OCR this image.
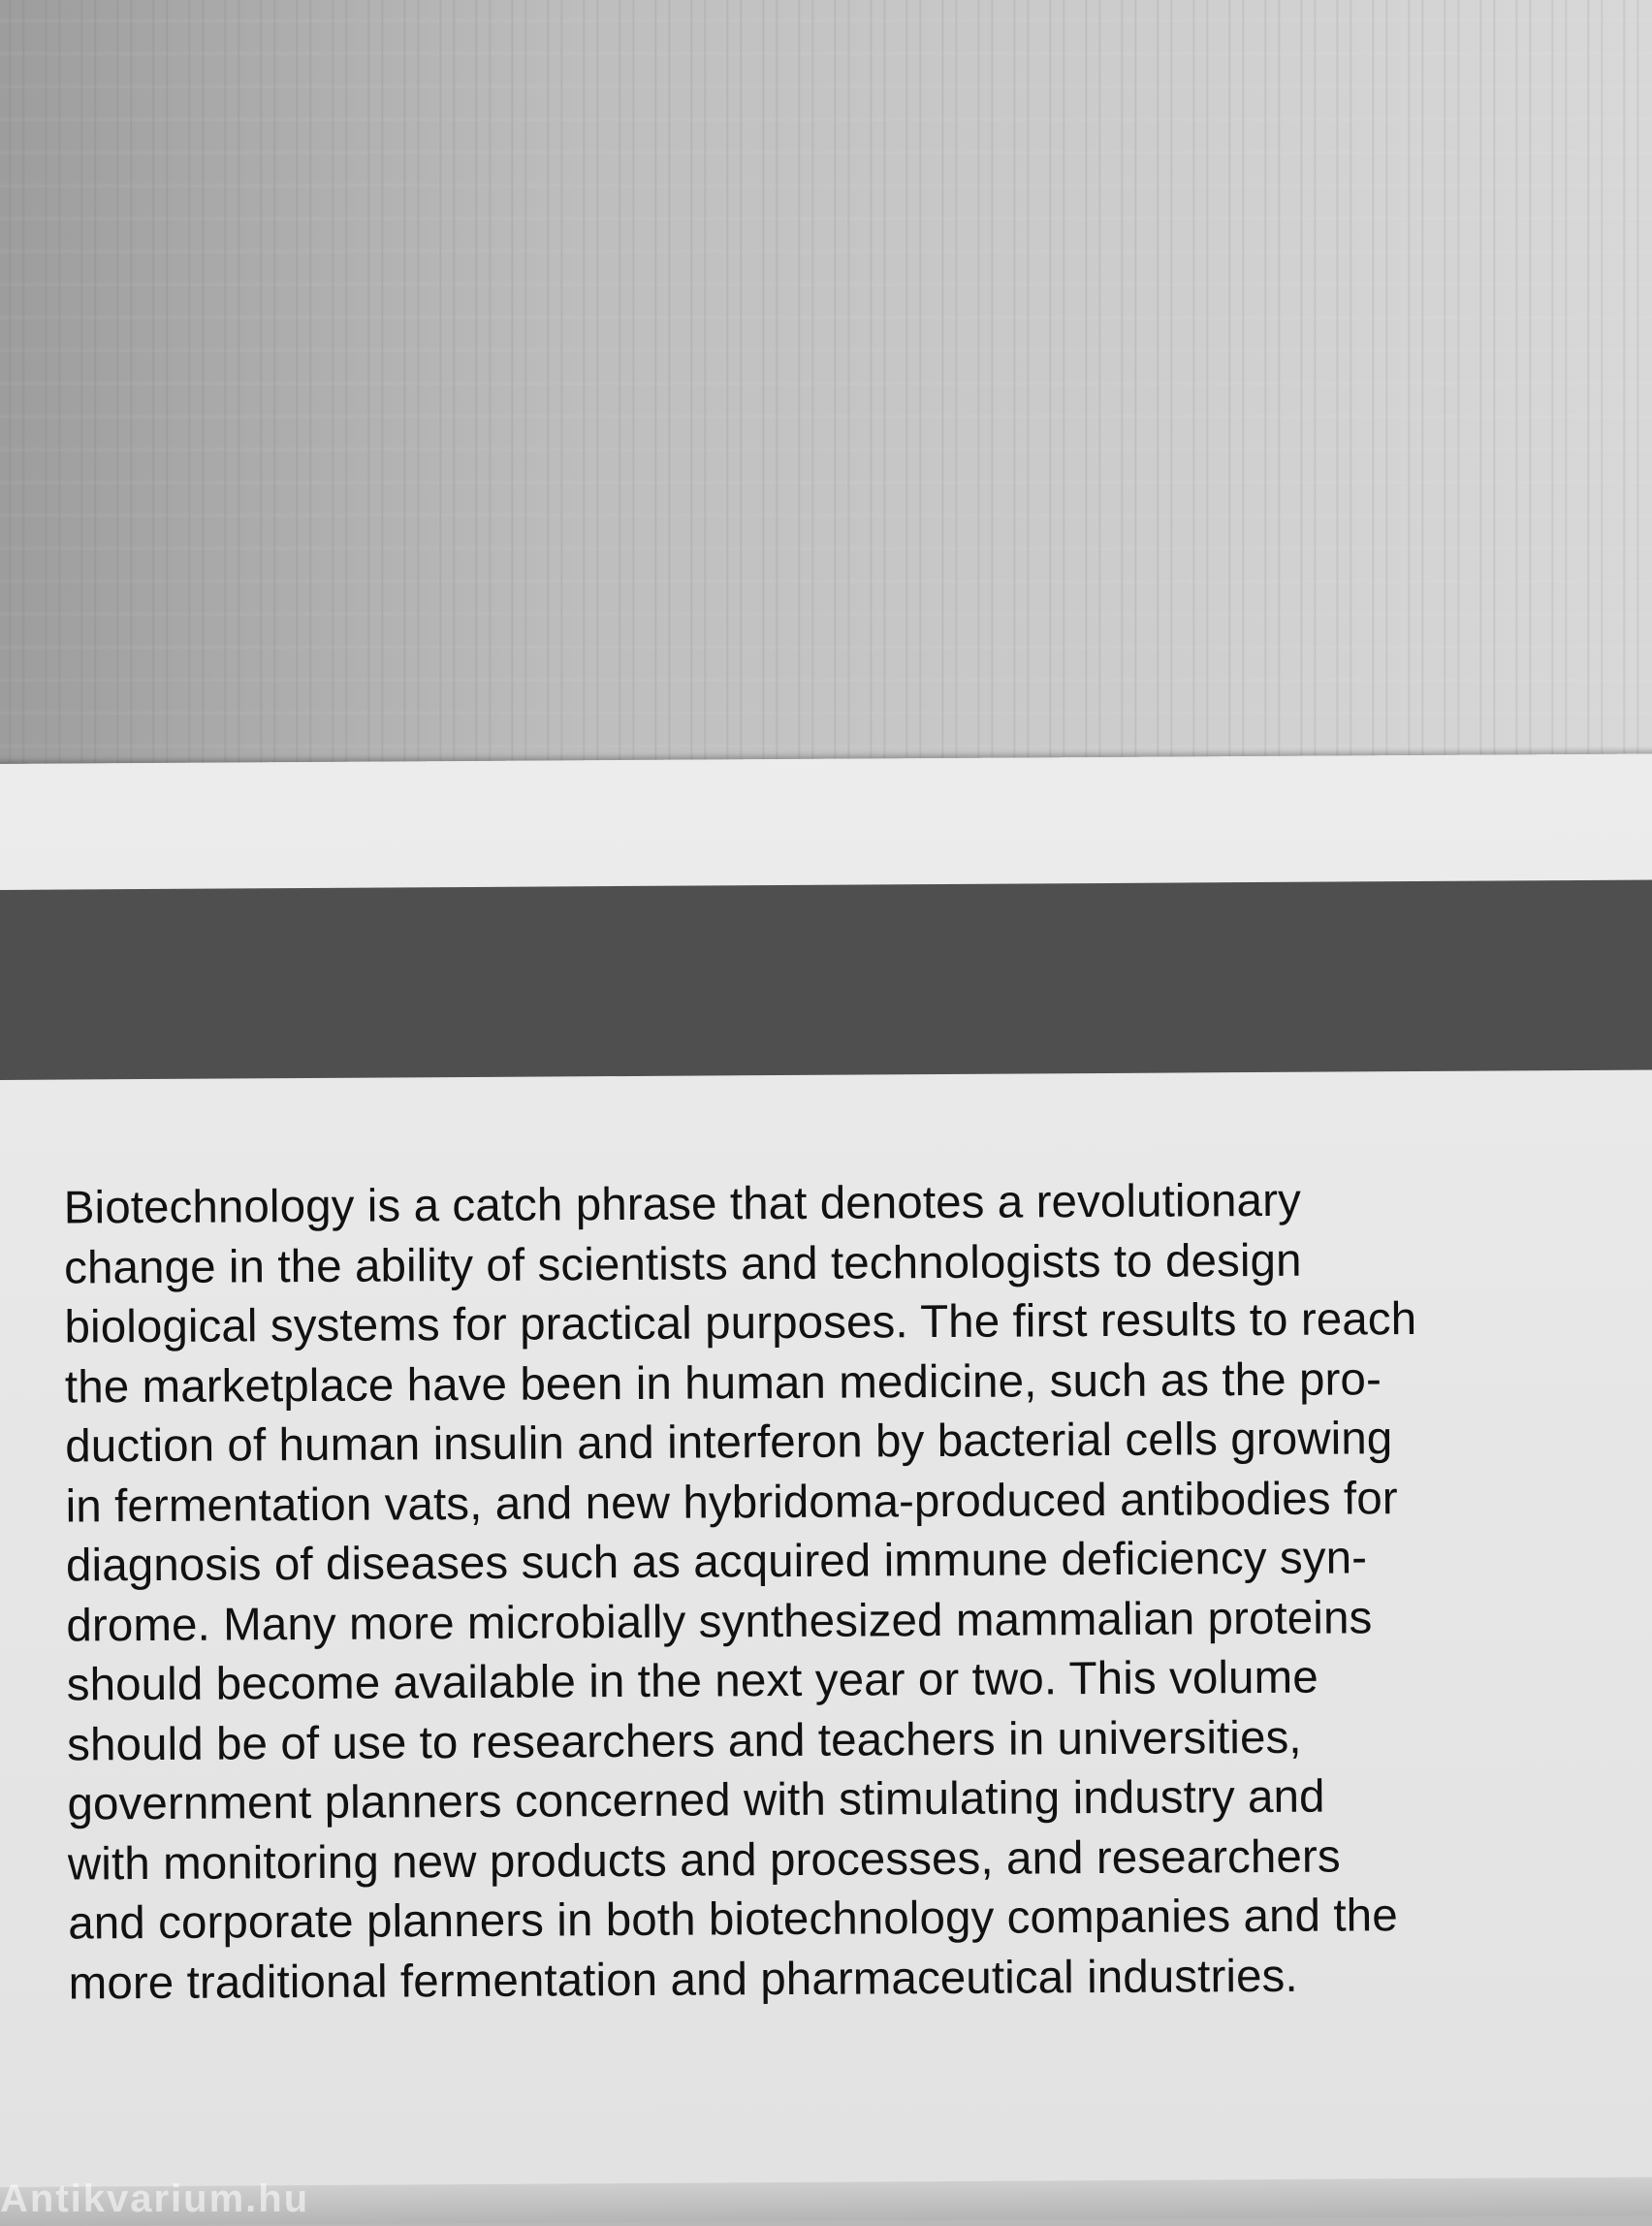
Biotechnology is a catch phrase that denotes a revolutionary
change in the ability of scientists and technologists to design
biological systems for practical purposes. The first results to reach
the marketplace have been in human medicine, such as the pro-
duction of human insulin and interferon by bacterial cells growing
in fermentation vats, and new hybridoma-produced antibodies for
diagnosis of diseases such as acquired immune deficiency syn-
drome. Many more microbially synthesized mammalian proteins
should become available in the next year or two. This volume
should be of use to researchers and teachers in universities,
government planners concerned with stimulating industry and
with monitoring new products and processes, and researchers
and corporate planners in both biotechnology companies and the
more traditional fermentation and pharmaceutical industries.

Antikvarium.hu
